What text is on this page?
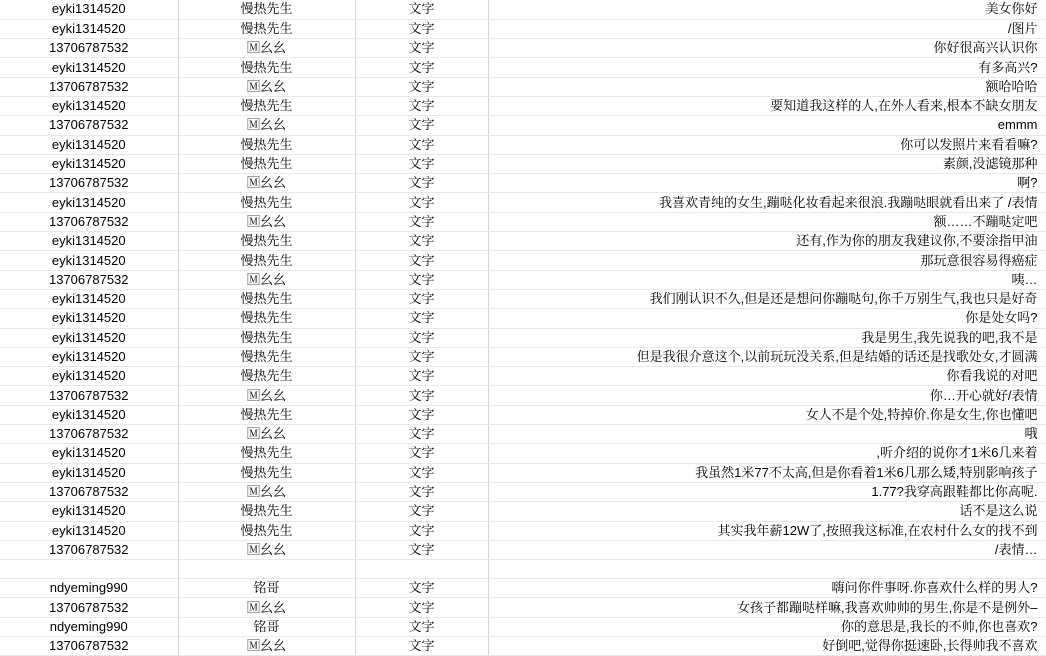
eyki1314520	慢热先生	文字	美女你好
eyki1314520	慢热先生	文字	/图片
13706787532	🄼幺幺	文字	你好很高兴认识你
eyki1314520	慢热先生	文字	有多高兴?
13706787532	🄼幺幺	文字	额哈哈哈
eyki1314520	慢热先生	文字	要知道我这样的人,在外人看来,根本不缺女朋友
13706787532	🄼幺幺	文字	emmm
eyki1314520	慢热先生	文字	你可以发照片来看看嘛?
eyki1314520	慢热先生	文字	素颜,没滤镜那种
13706787532	🄼幺幺	文字	啊?
eyki1314520	慢热先生	文字	我喜欢青纯的女生,蹦哒化妆看起来很浪.我蹦哒眼就看出来了 /表情
13706787532	🄼幺幺	文字	额……不蹦哒定吧
eyki1314520	慢热先生	文字	还有,作为你的朋友我建议你,不要涂指甲油
eyki1314520	慢热先生	文字	那玩意很容易得癌症
13706787532	🄼幺幺	文字	咦…
eyki1314520	慢热先生	文字	我们刚认识不久,但是还是想问你蹦哒句,你千万别生气,我也只是好奇
eyki1314520	慢热先生	文字	你是处女吗?
eyki1314520	慢热先生	文字	我是男生,我先说我的吧,我不是
eyki1314520	慢热先生	文字	但是我很介意这个,以前玩玩没关系,但是结婚的话还是找歌处女,才圆满
eyki1314520	慢热先生	文字	你看我说的对吧
13706787532	🄼幺幺	文字	你…开心就好/表情
eyki1314520	慢热先生	文字	女人不是个处,特掉价.你是女生,你也懂吧
13706787532	🄼幺幺	文字	哦
eyki1314520	慢热先生	文字	,听介绍的说你才1米6几来着
eyki1314520	慢热先生	文字	我虽然1米77不太高,但是你看着1米6几那么矮,特别影响孩子
13706787532	🄼幺幺	文字	1.77?我穿高跟鞋都比你高呢.
eyki1314520	慢热先生	文字	话不是这么说
eyki1314520	慢热先生	文字	其实我年薪12W了,按照我这标准,在农村什么女的找不到
13706787532	🄼幺幺	文字	/表情…

ndyeming990	铭哥	文字	嗨问你件事呀.你喜欢什么样的男人?
13706787532	🄼幺幺	文字	女孩子都蹦哒样嘛,我喜欢帅帅的男生,你是不是例外–
ndyeming990	铭哥	文字	你的意思是,我长的不帅,你也喜欢?
13706787532	🄼幺幺	文字	好倒吧,觉得你挺速卧,长得帅我不喜欢
